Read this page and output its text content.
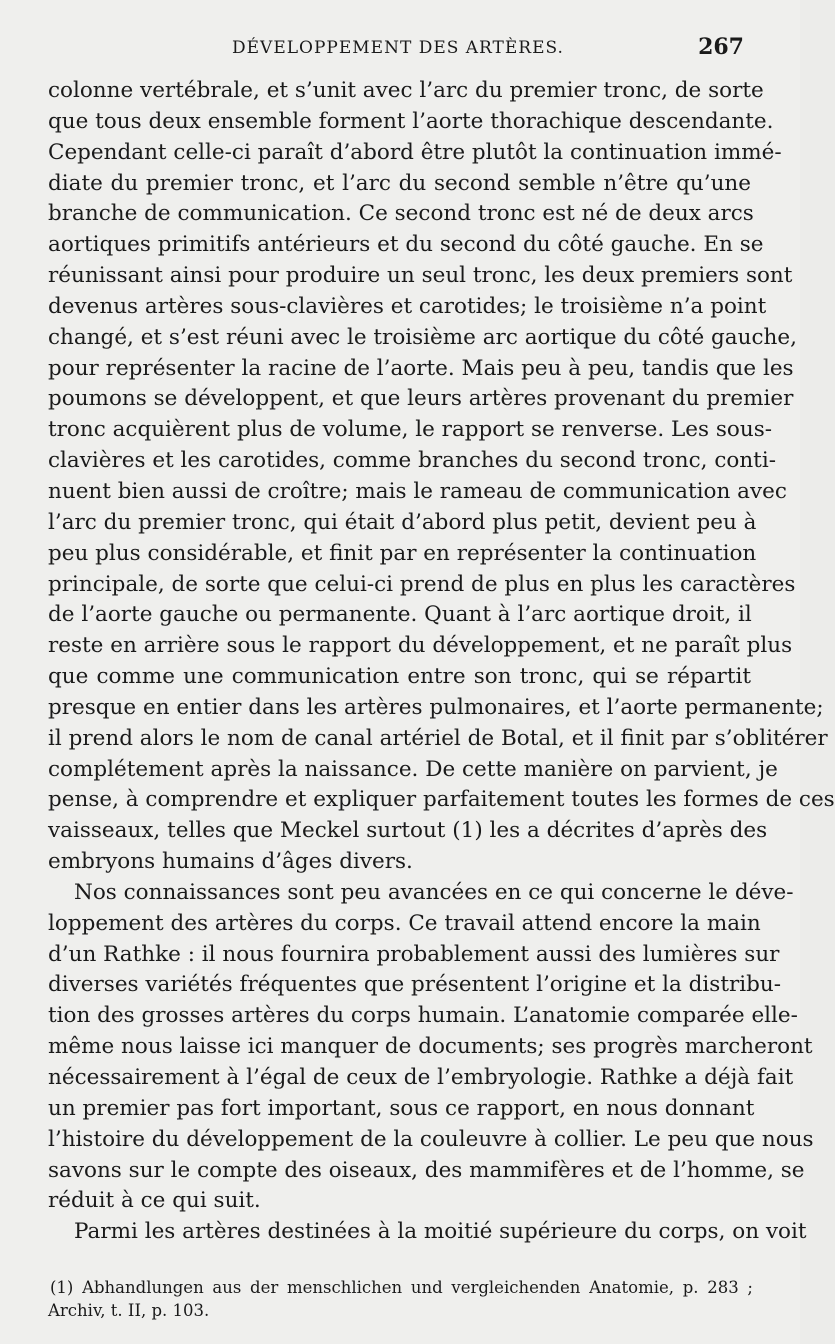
DÉVELOPPEMENT DES ARTÈRES.	267
colonne vertébrale, et s’unit avec l’arc du premier tronc, de sorte
que tous deux ensemble forment l’aorte thorachique descendante.
Cependant celle-ci paraît d’abord être plutôt la continuation immé-
diate du premier tronc, et l’arc du second semble n’être qu’une
branche de communication. Ce second tronc est né de deux arcs
aortiques primitifs antérieurs et du second du côté gauche. En se
réunissant ainsi pour produire un seul tronc, les deux premiers sont
devenus artères sous-clavières et carotides; le troisième n’a point
changé, et s’est réuni avec le troisième arc aortique du côté gauche,
pour représenter la racine de l’aorte. Mais peu à peu, tandis que les
poumons se développent, et que leurs artères provenant du premier
tronc acquièrent plus de volume, le rapport se renverse. Les sous-
clavières et les carotides, comme branches du second tronc, conti-
nuent bien aussi de croître; mais le rameau de communication avec
l’arc du premier tronc, qui était d’abord plus petit, devient peu à
peu plus considérable, et finit par en représenter la continuation
principale, de sorte que celui-ci prend de plus en plus les caractères
de l’aorte gauche ou permanente. Quant à l’arc aortique droit, il
reste en arrière sous le rapport du développement, et ne paraît plus
que comme une communication entre son tronc, qui se répartit
presque en entier dans les artères pulmonaires, et l’aorte permanente;
il prend alors le nom de canal artériel de Botal, et il finit par s’oblitérer
complétement après la naissance. De cette manière on parvient, je
pense, à comprendre et expliquer parfaitement toutes les formes de ces
vaisseaux, telles que Meckel surtout (1) les a décrites d’après des
embryons humains d’âges divers.
Nos connaissances sont peu avancées en ce qui concerne le déve-
loppement des artères du corps. Ce travail attend encore la main
d’un Rathke : il nous fournira probablement aussi des lumières sur
diverses variétés fréquentes que présentent l’origine et la distribu-
tion des grosses artères du corps humain. L’anatomie comparée elle-
même nous laisse ici manquer de documents; ses progrès marcheront
nécessairement à l’égal de ceux de l’embryologie. Rathke a déjà fait
un premier pas fort important, sous ce rapport, en nous donnant
l’histoire du développement de la couleuvre à collier. Le peu que nous
savons sur le compte des oiseaux, des mammifères et de l’homme, se
réduit à ce qui suit.
Parmi les artères destinées à la moitié supérieure du corps, on voit
(1) Abhandlungen aus der menschlichen und vergleichenden Anatomie, p. 283 ;
Archiv, t. II, p. 103.
